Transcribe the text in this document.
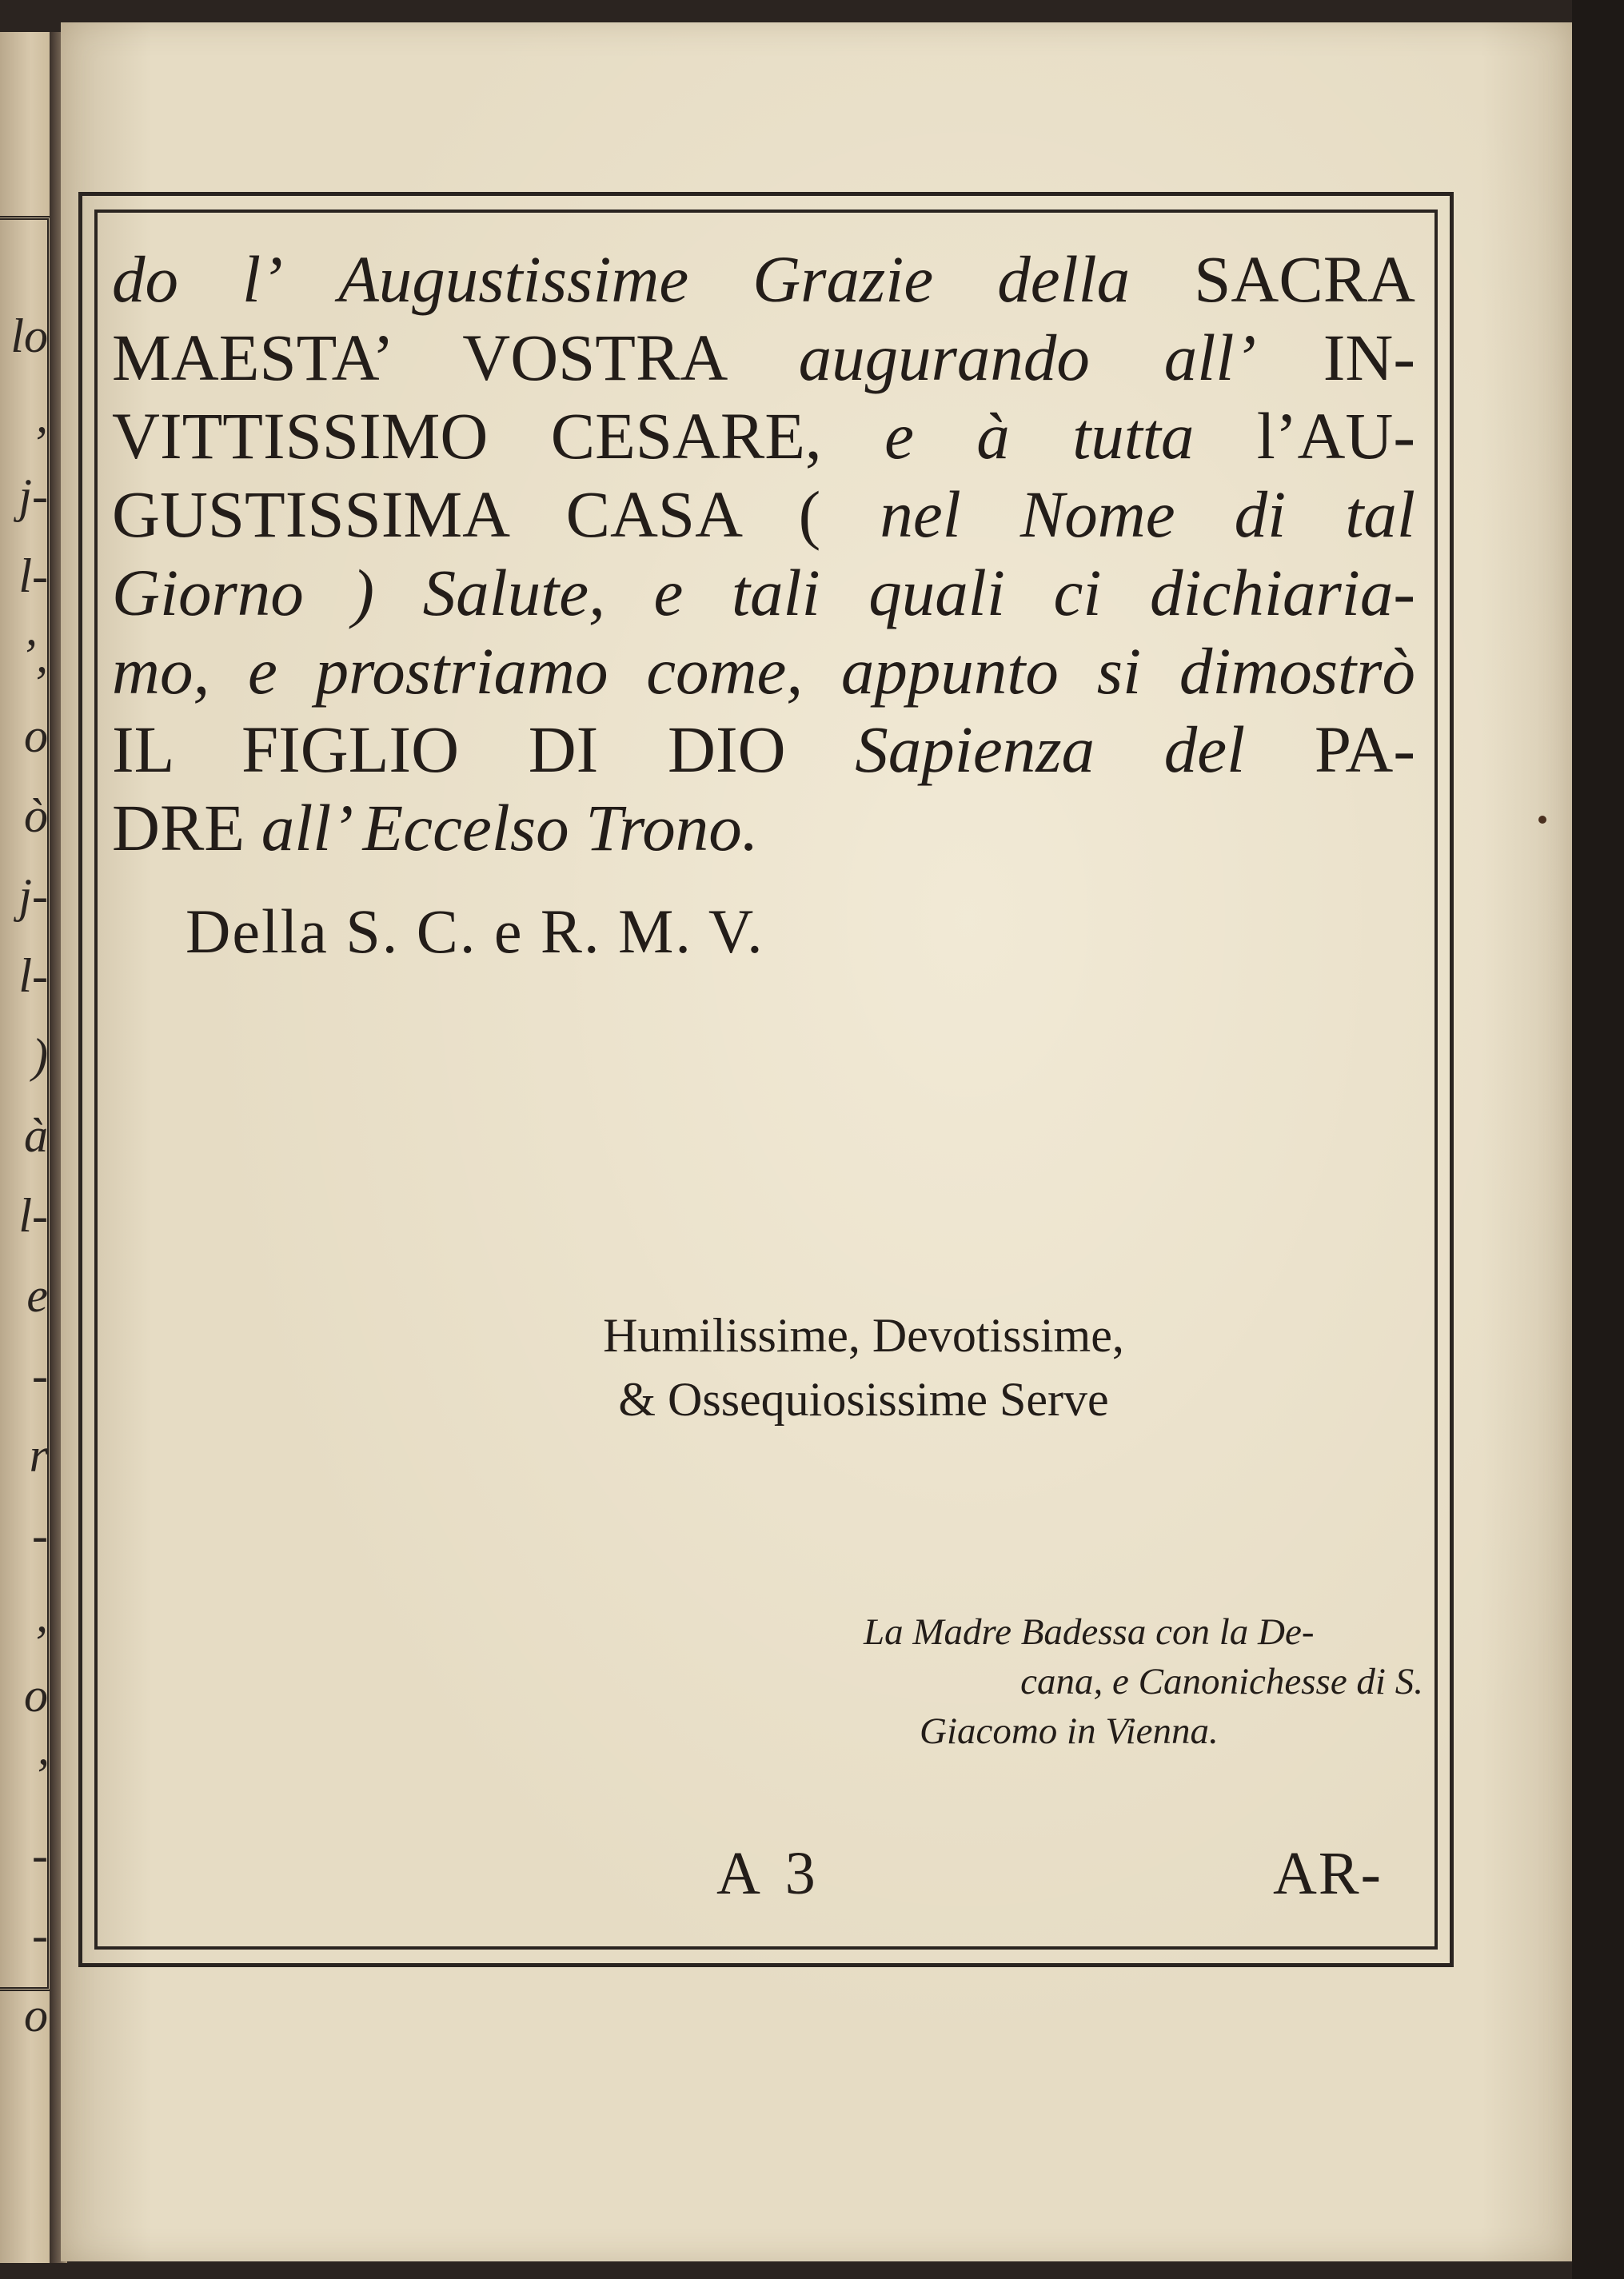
lo
,
j-
l-
’,
o
ò
j-
l-
)
à
l-
e
-
r
-
,
o
’
-
-
o
do l’ Augustissime Grazie della SACRA
MAESTA’ VOSTRA augurando all’ IN-
VITTISSIMO CESARE, e à tutta l’AU-
GUSTISSIMA CASA ( nel Nome di tal
Giorno ) Salute, e tali quali ci dichiaria-
mo, e prostriamo come, appunto si dimostrò
IL FIGLIO DI DIO Sapienza del PA-
DRE all’ Eccelso Trono.
Della S. C. e R. M. V.
Humilissime, Devotissime,
& Ossequiosissime Serve
La Madre Badessa con la De-
cana, e Canonichesse di S.
Giacomo in Vienna.
A 3	AR-
